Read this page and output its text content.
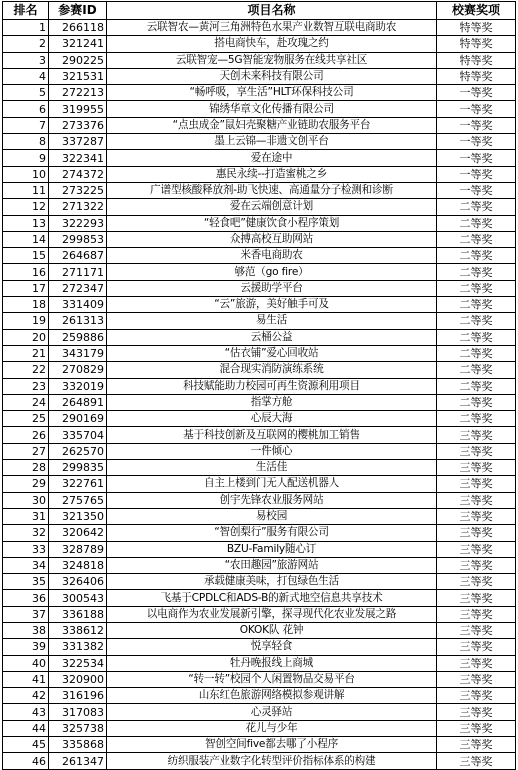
排名	参赛ID	项目名称	校赛奖项
1	266118	云联智农—黄河三角洲特色水果产业数智互联电商助农	特等奖
2	321241	搭电商快车，赴攻瑰之约	特等奖
3	290225	云联智宠—5G智能宠物服务在线共享社区	特等奖
4	321531	天创未来科技有限公司	特等奖
5	272213	“畅呼吸，享生活”HLT环保科技公司	一等奖
6	319955	锦绣华章文化传播有限公司	一等奖
7	273376	“点虫成金”鼠妇壳聚糖产业链助农服务平台	一等奖
8	337287	墨上云锦—非遗文创平台	一等奖
9	322341	爱在途中	一等奖
10	274372	惠民永续--打造蜜桃之乡	一等奖
11	273225	广谱型核酸释放剂-助飞快速、高通量分子检测和诊断	一等奖
12	271322	爱在云端创意计划	二等奖
13	322293	“轻食吧”健康饮食小程序策划	二等奖
14	299853	众搏高校互助网站	二等奖
15	264687	米香电商助农	二等奖
16	271171	够范（go fire）	二等奖
17	272347	云援助学平台	二等奖
18	331409	“云”旅游，美好触手可及	二等奖
19	261313	易生活	二等奖
20	259886	云桶公益	二等奖
21	343179	“估衣铺”爱心回收站	二等奖
22	270829	混合现实消防演练系统	二等奖
23	332019	科技赋能助力校园可再生资源利用项目	二等奖
24	264891	指掌方舱	二等奖
25	290169	心辰大海	二等奖
26	335704	基于科技创新及互联网的樱桃加工销售	三等奖
27	262570	一件倾心	三等奖
28	299835	生活佳	三等奖
29	322761	自主上楼到门无人配送机器人	三等奖
30	275765	创宇先锋农业服务网站	三等奖
31	321350	易校园	三等奖
32	320642	“智创梨行”服务有限公司	三等奖
33	328789	BZU-Family随心订	三等奖
34	324818	“农田趣园”旅游网站	三等奖
35	326406	承载健康美味，打包绿色生活	三等奖
36	300543	飞基于CPDLC和ADS-B的新式地空信息共享技术	三等奖
37	336188	以电商作为农业发展新引擎，探寻现代化农业发展之路	三等奖
38	338612	OKOK队 花钟	三等奖
39	331382	悦享轻食	三等奖
40	322534	牡丹晚报线上商城	三等奖
41	320900	“转一转”校园个人闲置物品交易平台	三等奖
42	316196	山东红色旅游网络模拟参观讲解	三等奖
43	317083	心灵驿站	三等奖
44	325738	花儿与少年	三等奖
45	335868	智创空间five都去哪了小程序	三等奖
46	261347	纺织服装产业数字化转型评价指标体系的构建	三等奖
